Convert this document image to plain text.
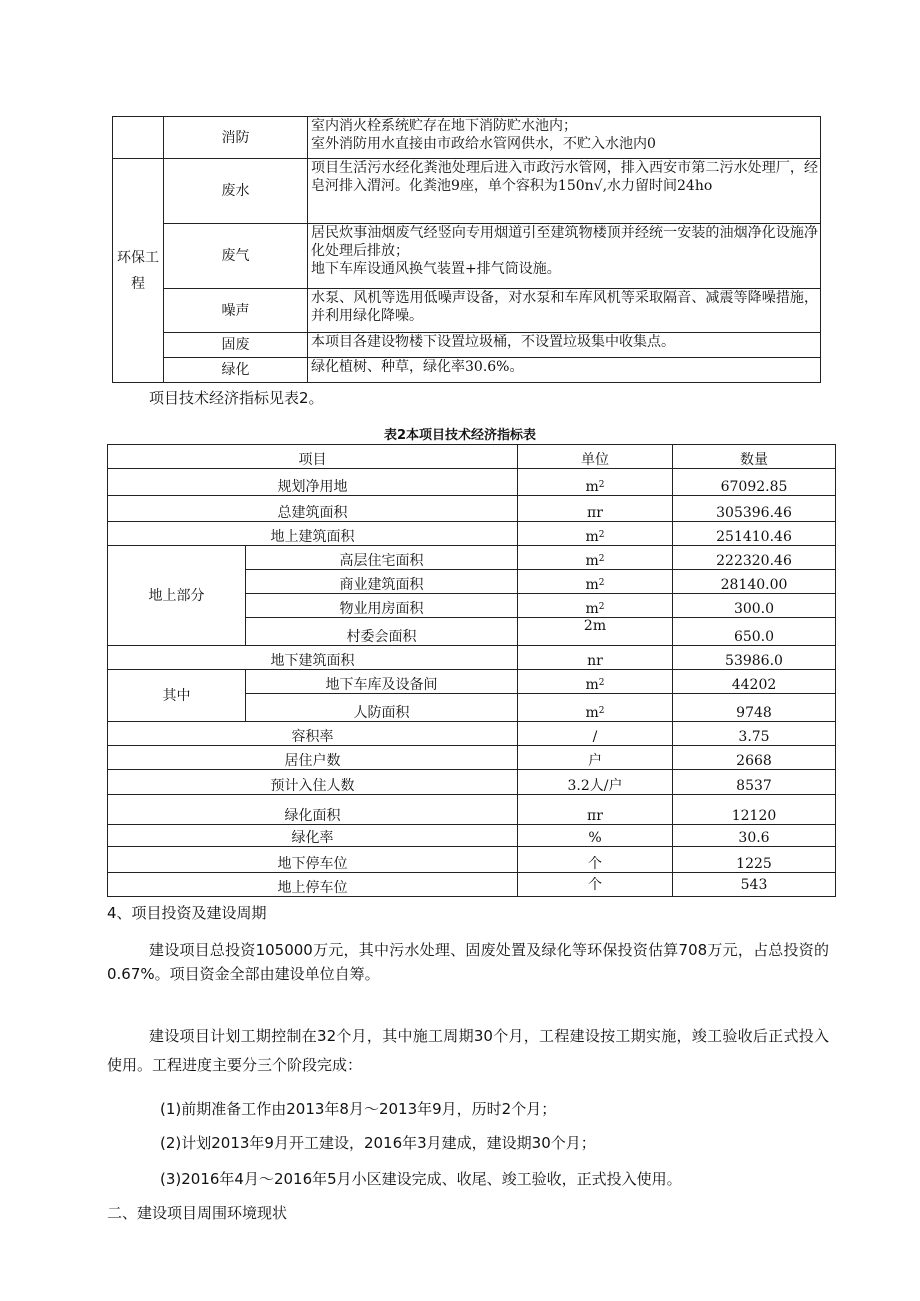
	消防	室内消火栓系统贮存在地下消防贮水池内；
室外消防用水直接由市政给水管网供水，不贮入水池内0

环保工程	废水	项目生活污水经化粪池处理后进入市政污水管网，排入西安市第二污水处理厂，经皂河排入渭河。化粪池9座，单个容积为150n√,水力留时间24ho

	废气	居民炊事油烟废气经竖向专用烟道引至建筑物楼顶并经统一安装的油烟净化设施净化处理后排放；
地下车库设通风换气装置+排气筒设施。

	噪声	水泵、风机等选用低噪声设备，对水泵和车库风机等采取隔音、减震等降噪措施，并利用绿化降噪。

	固废	本项目各建设物楼下设置垃圾桶，不设置垃圾集中收集点。

	绿化	绿化植树、种草，绿化率30.6%。
项目技术经济指标见表2。
表2本项目技术经济指标表
项目		单位	数量
规划净用地		$m^2$	67092.85
总建筑面积		πr	305396.46
地上建筑面积		$m^2$	251410.46
地上部分	高层住宅面积	$m^2$	222320.46
	商业建筑面积	$m^2$	28140.00
	物业用房面积	$m^2$	300.0
	村委会面积	2m	650.0
地下建筑面积		nr	53986.0
其中	地下车库及设备间	$m^2$	44202
	人防面积	$m^2$	9748
容积率		/	3.75
居住户数		户	2668
预计入住人数		3.2人/户	8537
绿化面积		πr	12120
绿化率		%	30.6
地下停车位		个	1225
地上停车位		个	543
4、项目投资及建设周期
建设项目总投资105000万元，其中污水处理、固废处置及绿化等环保投资估算708万元，占总投资的0.67%。项目资金全部由建设单位自筹。
建设项目计划工期控制在32个月，其中施工周期30个月，工程建设按工期实施，竣工验收后正式投入使用。工程进度主要分三个阶段完成：
(1)前期准备工作由2013年8月～2013年9月，历时2个月；
(2)计划2013年9月开工建设，2016年3月建成，建设期30个月；
(3)2016年4月～2016年5月小区建设完成、收尾、竣工验收，正式投入使用。
二、建设项目周围环境现状
